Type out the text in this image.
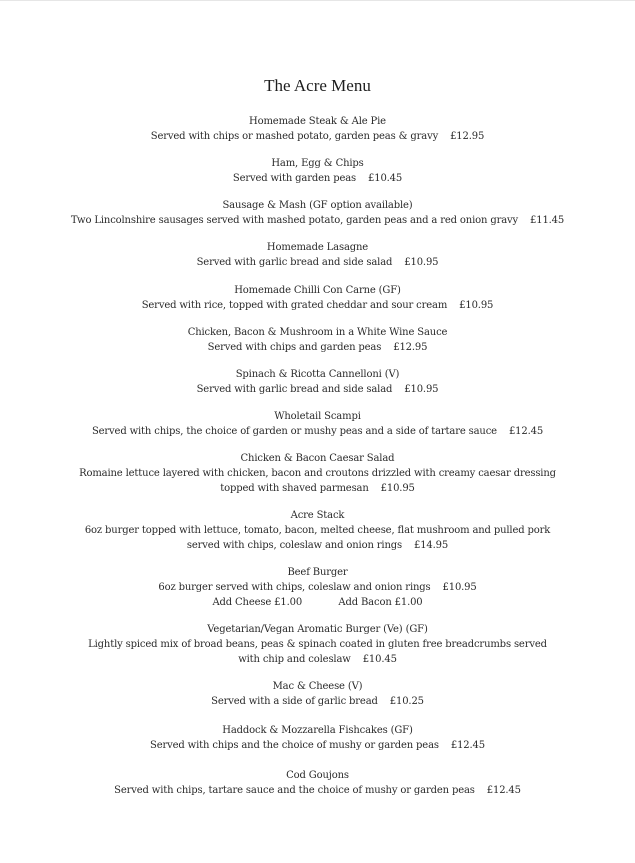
The Acre Menu
Homemade Steak & Ale Pie
Served with chips or mashed potato, garden peas & gravy £12.95
Ham, Egg & Chips
Served with garden peas £10.45
Sausage & Mash (GF option available)
Two Lincolnshire sausages served with mashed potato, garden peas and a red onion gravy £11.45
Homemade Lasagne
Served with garlic bread and side salad £10.95
Homemade Chilli Con Carne (GF)
Served with rice, topped with grated cheddar and sour cream £10.95
Chicken, Bacon & Mushroom in a White Wine Sauce
Served with chips and garden peas £12.95
Spinach & Ricotta Cannelloni (V)
Served with garlic bread and side salad £10.95
Wholetail Scampi
Served with chips, the choice of garden or mushy peas and a side of tartare sauce £12.45
Chicken & Bacon Caesar Salad
Romaine lettuce layered with chicken, bacon and croutons drizzled with creamy caesar dressing topped with shaved parmesan £10.95
Acre Stack
6oz burger topped with lettuce, tomato, bacon, melted cheese, flat mushroom and pulled pork served with chips, coleslaw and onion rings £14.95
Beef Burger
6oz burger served with chips, coleslaw and onion rings £10.95
Add Cheese £1.00            Add Bacon £1.00
Vegetarian/Vegan Aromatic Burger (Ve) (GF)
Lightly spiced mix of broad beans, peas & spinach coated in gluten free breadcrumbs served with chip and coleslaw £10.45
Mac & Cheese (V)
Served with a side of garlic bread £10.25
Haddock & Mozzarella Fishcakes (GF)
Served with chips and the choice of mushy or garden peas £12.45
Cod Goujons
Served with chips, tartare sauce and the choice of mushy or garden peas £12.45
